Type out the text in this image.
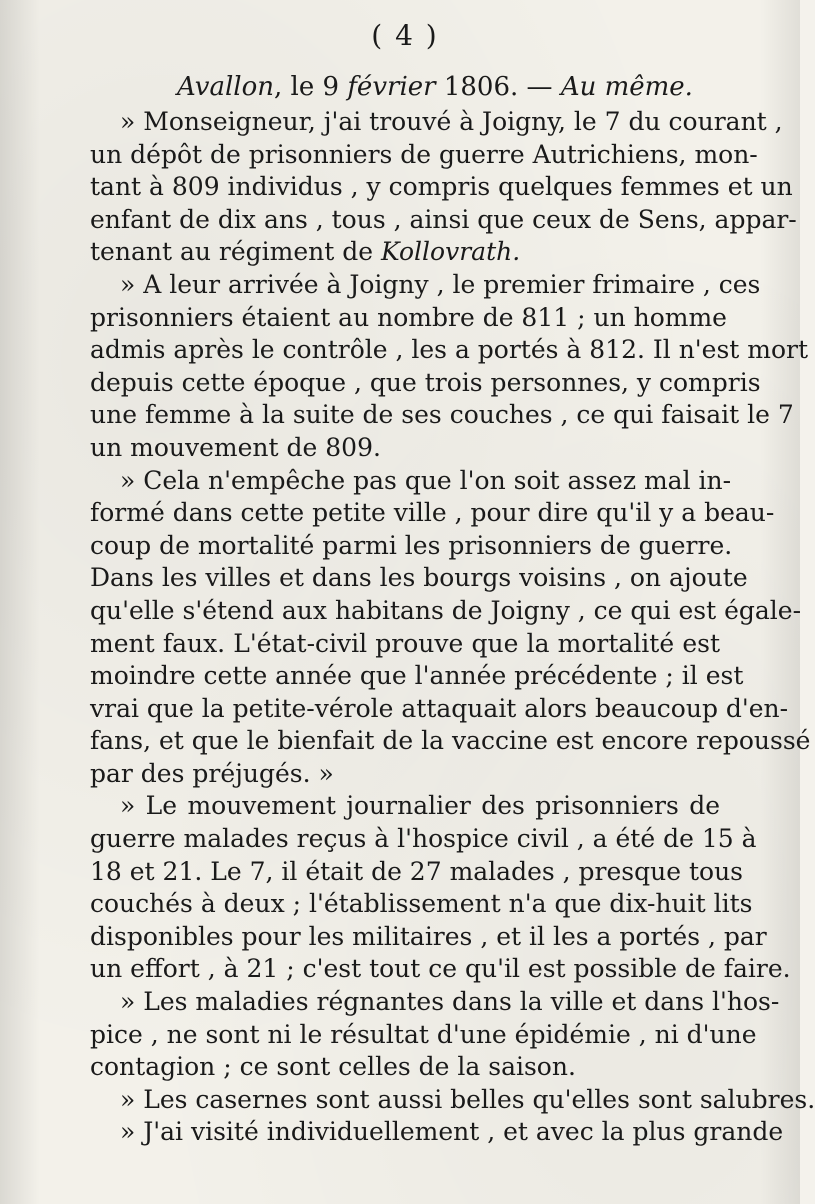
( 4 )
Avallon, le 9 février 1806. — Au même.

» Monseigneur, j'ai trouvé à Joigny, le 7 du courant ,
un dépôt de prisonniers de guerre Autrichiens, mon-
tant à 809 individus , y compris quelques femmes et un
enfant de dix ans , tous , ainsi que ceux de Sens, appar-
tenant au régiment de Kollovrath.

» A leur arrivée à Joigny , le premier frimaire , ces
prisonniers étaient au nombre de 811 ; un homme
admis après le contrôle , les a portés à 812. Il n'est mort
depuis cette époque , que trois personnes, y compris
une femme à la suite de ses couches , ce qui faisait le 7
un mouvement de 809.

» Cela n'empêche pas que l'on soit assez mal in-
formé dans cette petite ville , pour dire qu'il y a beau-
coup de mortalité parmi les prisonniers de guerre.
Dans les villes et dans les bourgs voisins , on ajoute
qu'elle s'étend aux habitans de Joigny , ce qui est égale-
ment faux. L'état-civil prouve que la mortalité est
moindre cette année que l'année précédente ; il est
vrai que la petite-vérole attaquait alors beaucoup d'en-
fans, et que le bienfait de la vaccine est encore repoussé
par des préjugés. »

» Le mouvement journalier des prisonniers de
guerre malades reçus à l'hospice civil , a été de 15 à
18 et 21. Le 7, il était de 27 malades , presque tous
couchés à deux ; l'établissement n'a que dix-huit lits
disponibles pour les militaires , et il les a portés , par
un effort , à 21 ; c'est tout ce qu'il est possible de faire.

» Les maladies régnantes dans la ville et dans l'hos-
pice , ne sont ni le résultat d'une épidémie , ni d'une
contagion ; ce sont celles de la saison.

» Les casernes sont aussi belles qu'elles sont salubres.

» J'ai visité individuellement , et avec la plus grande
